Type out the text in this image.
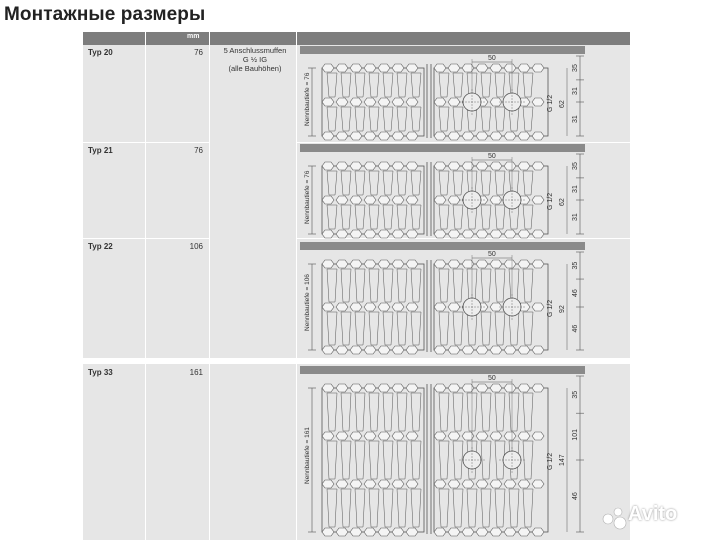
Монтажные размеры
mm
Typ 20	76
Typ 21	76
Typ 22	106
5 Anschlussmuffen
G ½ IG
(alle Bauhöhen)
Typ 33	161
Nennbautiefe = 76
50
G 1/2 62
35
31
31
Nennbautiefe = 76
50
G 1/2 62
35
31
31
Nennbautiefe = 106
50
G 1/2 92
35
46
46
Nennbautiefe = 161
50
G 1/2 147
35
101
46
Avito
